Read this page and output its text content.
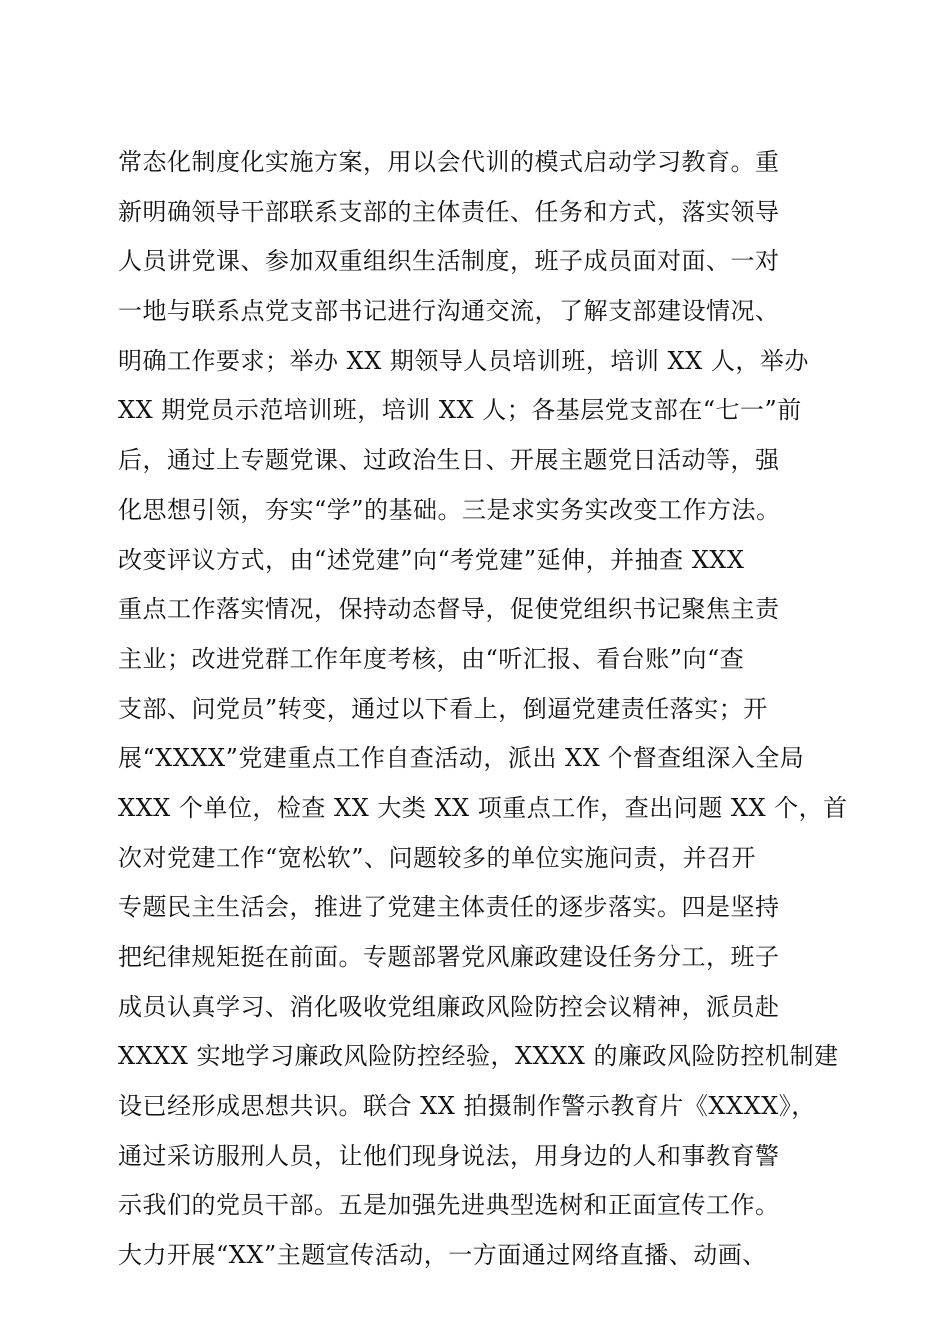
常态化制度化实施方案，用以会代训的模式启动学习教育。重
新明确领导干部联系支部的主体责任、任务和方式，落实领导
人员讲党课、参加双重组织生活制度，班子成员面对面、一对
一地与联系点党支部书记进行沟通交流，了解支部建设情况、
明确工作要求；举办 XX 期领导人员培训班，培训 XX 人，举办
XX 期党员示范培训班，培训 XX 人；各基层党支部在“七一”前
后，通过上专题党课、过政治生日、开展主题党日活动等，强
化思想引领，夯实“学”的基础。三是求实务实改变工作方法。
改变评议方式，由“述党建”向“考党建”延伸，并抽查 XXX
重点工作落实情况，保持动态督导，促使党组织书记聚焦主责
主业；改进党群工作年度考核，由“听汇报、看台账”向“查
支部、问党员”转变，通过以下看上，倒逼党建责任落实；开
展“XXXX”党建重点工作自查活动，派出 XX 个督查组深入全局
XXX 个单位，检查 XX 大类 XX 项重点工作，查出问题 XX 个，首
次对党建工作“宽松软”、问题较多的单位实施问责，并召开
专题民主生活会，推进了党建主体责任的逐步落实。四是坚持
把纪律规矩挺在前面。专题部署党风廉政建设任务分工，班子
成员认真学习、消化吸收党组廉政风险防控会议精神，派员赴
XXXX 实地学习廉政风险防控经验，XXXX 的廉政风险防控机制建
设已经形成思想共识。联合 XX 拍摄制作警示教育片《XXXX》，
通过采访服刑人员，让他们现身说法，用身边的人和事教育警
示我们的党员干部。五是加强先进典型选树和正面宣传工作。
大力开展“XX”主题宣传活动，一方面通过网络直播、动画、
